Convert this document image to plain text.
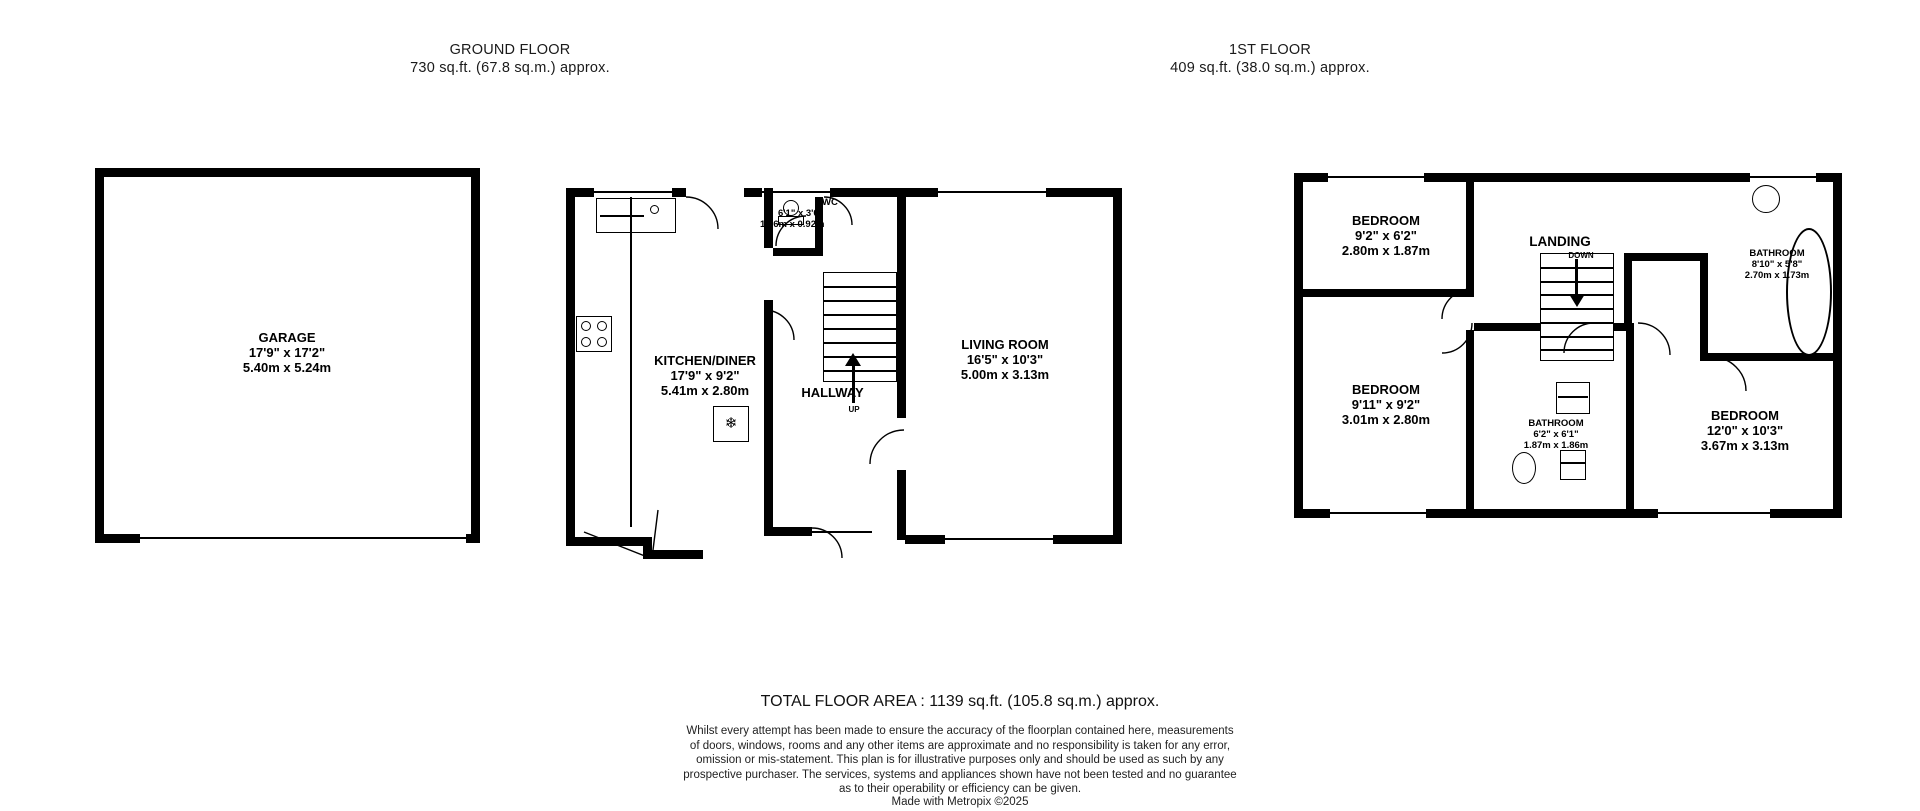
GROUND FLOOR
730 sq.ft. (67.8 sq.m.) approx.
1ST FLOOR
409 sq.ft. (38.0 sq.m.) approx.
GARAGE
17'9" x 17'2"
5.40m x 5.24m
❄
UP
KITCHEN/DINER
17'9" x 9'2"
5.41m x 2.80m
WC
6'1" x 3'0"
1.86m x 0.92m
HALLWAY
LIVING ROOM
16'5" x 10'3"
5.00m x 3.13m
BEDROOM
9'2" x 6'2"
2.80m x 1.87m
BEDROOM
9'11" x 9'2"
3.01m x 2.80m	BEDROOM
12'0" x 10'3"
3.67m x 3.13m
BATHROOM
8'10" x 5'8"
2.70m x 1.73m
BATHROOM
6'2" x 6'1"
1.87m x 1.86m
LANDING
DOWN
TOTAL FLOOR AREA : 1139 sq.ft. (105.8 sq.m.) approx.
Whilst every attempt has been made to ensure the accuracy of the floorplan contained here, measurements
of doors, windows, rooms and any other items are approximate and no responsibility is taken for any error,
omission or mis-statement. This plan is for illustrative purposes only and should be used as such by any
prospective purchaser. The services, systems and appliances shown have not been tested and no guarantee
as to their operability or efficiency can be given.
Made with Metropix ©2025
